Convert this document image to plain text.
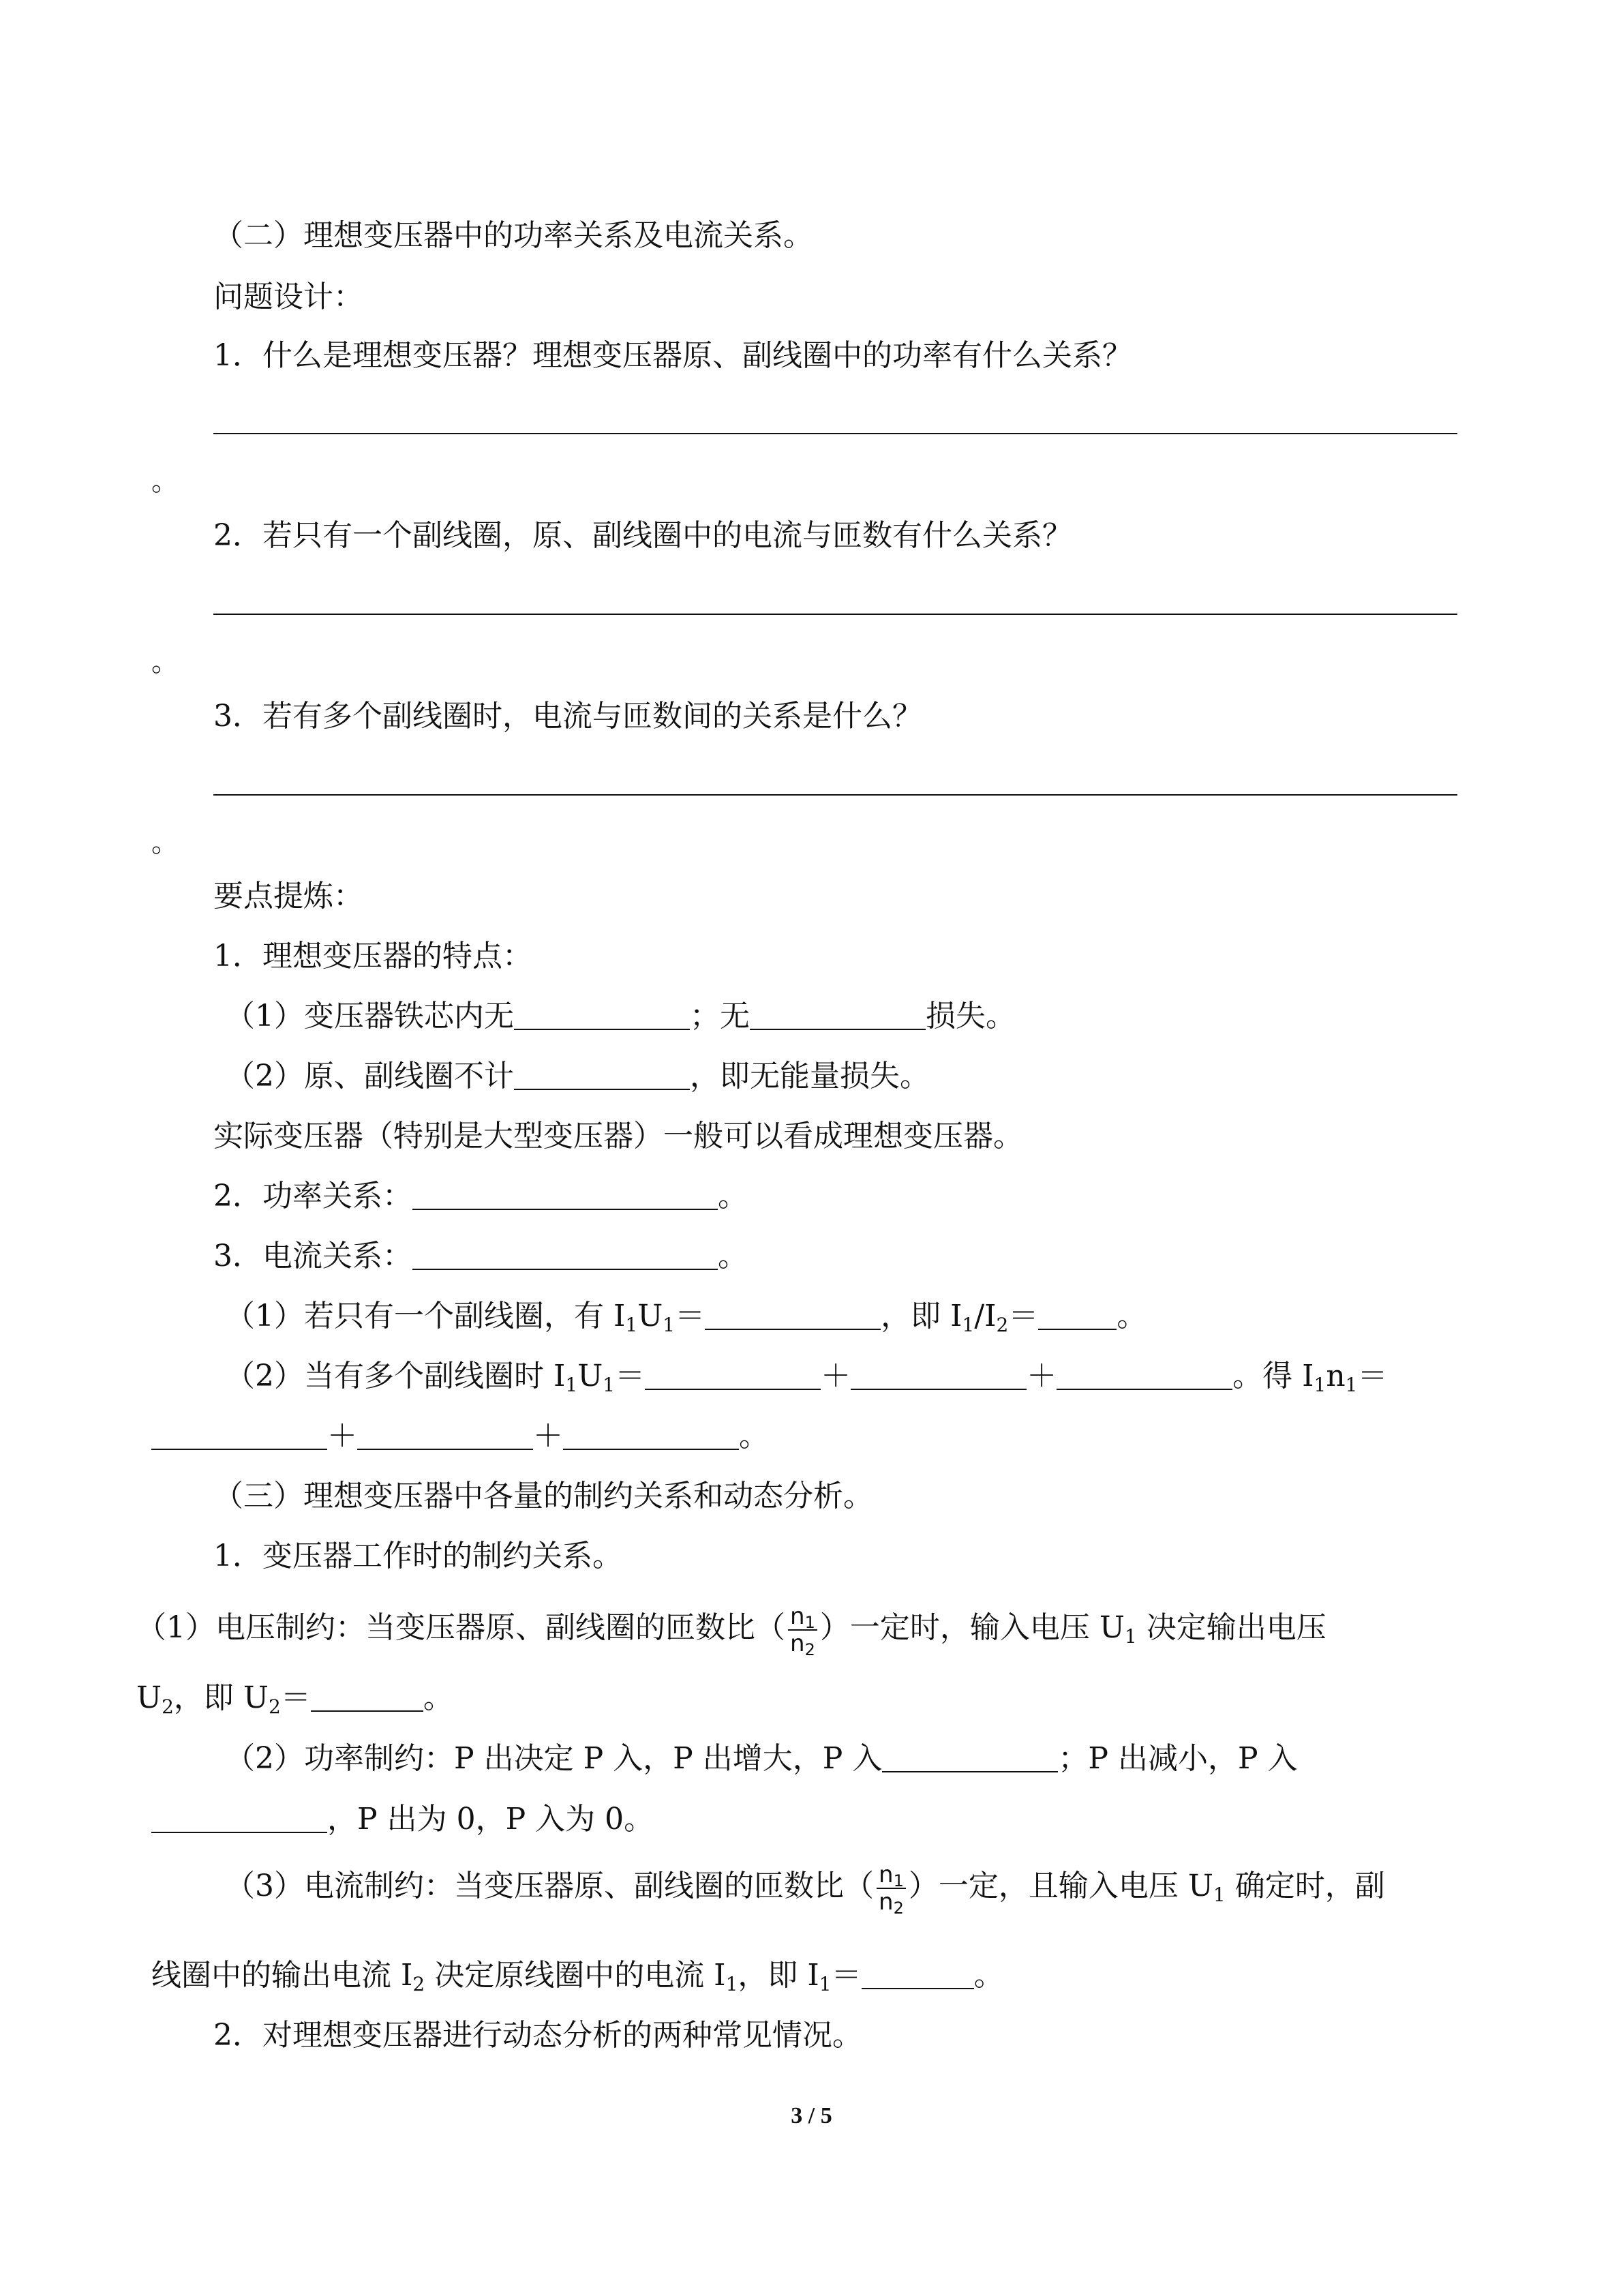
（二）理想变压器中的功率关系及电流关系。
问题设计：
1．什么是理想变压器？理想变压器原、副线圈中的功率有什么关系？
。
2．若只有一个副线圈，原、副线圈中的电流与匝数有什么关系？
。
3．若有多个副线圈时，电流与匝数间的关系是什么？
。
要点提炼：
1．理想变压器的特点：
（1）变压器铁芯内无	；无	损失。
（2）原、副线圈不计	，即无能量损失。
实际变压器（特别是大型变压器）一般可以看成理想变压器。
2．功率关系：	。
3．电流关系：	。
（1）若只有一个副线圈，有 $I_1U_1=$	，即 $I_1/I_2=$	。
（2）当有多个副线圈时 $I_1U_1=$	＋	＋	。得 $I_1n_1=$
＋	＋	。
（三）理想变压器中各量的制约关系和动态分析。
1．变压器工作时的制约关系。
（1）电压制约：当变压器原、副线圈的匝数比（ $\frac{n_1}{n_2}$ ）一定时，输入电压 $U_1$ 决定输出电压
$U_2$，即 $U_2=$	。
（2）功率制约：P 出决定 P 入，P 出增大，P 入	；P 出减小，P 入
，P 出为 0，P 入为 0。
（3）电流制约：当变压器原、副线圈的匝数比（ $\frac{n_1}{n_2}$ ）一定，且输入电压 $U_1$ 确定时，副
线圈中的输出电流 $I_2$ 决定原线圈中的电流 $I_1$，即 $I_1=$	。
2．对理想变压器进行动态分析的两种常见情况。
3 / 5
